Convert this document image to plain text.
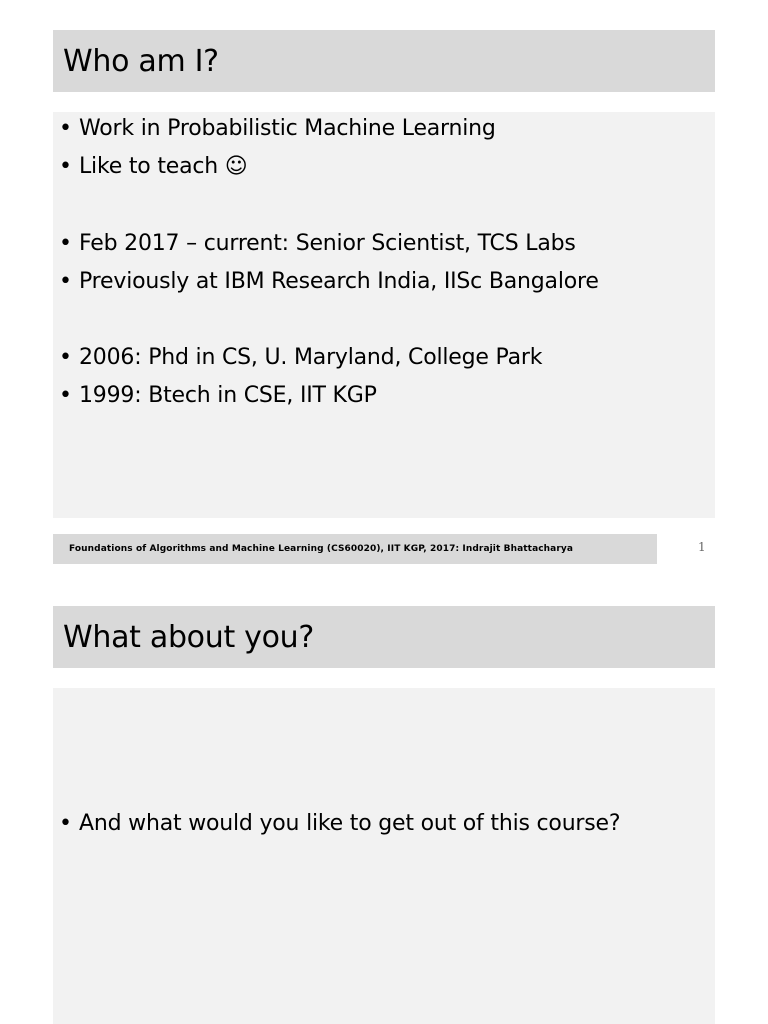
Who am I?
• Work in Probabilistic Machine Learning
• Like to teach ☺
• Feb 2017 – current: Senior Scientist, TCS Labs
• Previously at IBM Research India, IISc Bangalore
• 2006: Phd in CS, U. Maryland, College Park
• 1999: Btech in CSE, IIT KGP
Foundations of Algorithms and Machine Learning (CS60020), IIT KGP, 2017: Indrajit Bhattacharya	1
What about you?
• And what would you like to get out of this course?
